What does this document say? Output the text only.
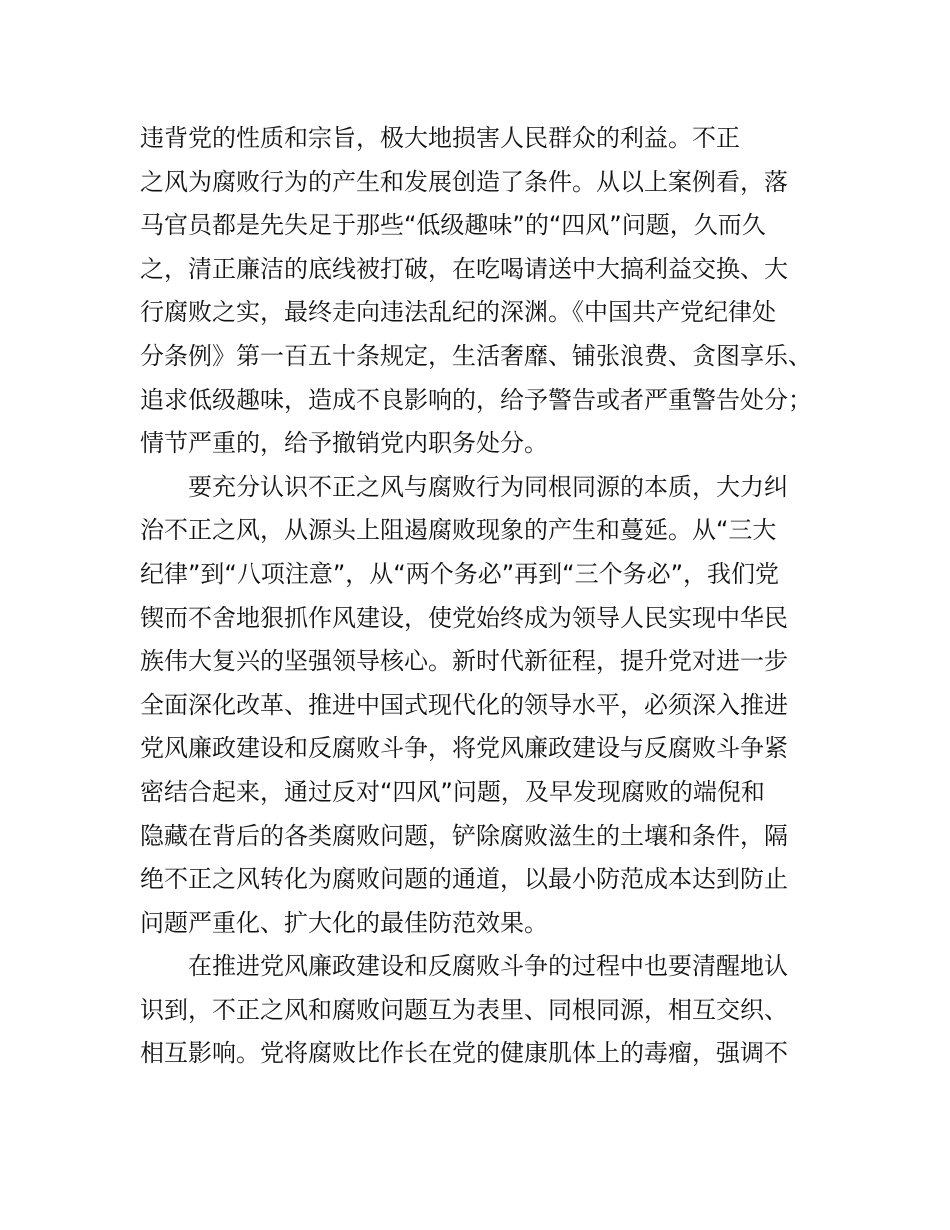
违背党的性质和宗旨，极大地损害人民群众的利益。不正
之风为腐败行为的产生和发展创造了条件。从以上案例看，落
马官员都是先失足于那些“低级趣味”的“四风”问题，久而久
之，清正廉洁的底线被打破，在吃喝请送中大搞利益交换、大
行腐败之实，最终走向违法乱纪的深渊。《中国共产党纪律处
分条例》第一百五十条规定，生活奢靡、铺张浪费、贪图享乐、
追求低级趣味，造成不良影响的，给予警告或者严重警告处分；
情节严重的，给予撤销党内职务处分。

要充分认识不正之风与腐败行为同根同源的本质，大力纠
治不正之风，从源头上阻遏腐败现象的产生和蔓延。从“三大
纪律”到“八项注意”，从“两个务必”再到“三个务必”，我们党
锲而不舍地狠抓作风建设，使党始终成为领导人民实现中华民
族伟大复兴的坚强领导核心。新时代新征程，提升党对进一步
全面深化改革、推进中国式现代化的领导水平，必须深入推进
党风廉政建设和反腐败斗争，将党风廉政建设与反腐败斗争紧
密结合起来，通过反对“四风”问题，及早发现腐败的端倪和
隐藏在背后的各类腐败问题，铲除腐败滋生的土壤和条件，隔
绝不正之风转化为腐败问题的通道，以最小防范成本达到防止
问题严重化、扩大化的最佳防范效果。

在推进党风廉政建设和反腐败斗争的过程中也要清醒地认
识到，不正之风和腐败问题互为表里、同根同源，相互交织、
相互影响。党将腐败比作长在党的健康肌体上的毒瘤，强调不
